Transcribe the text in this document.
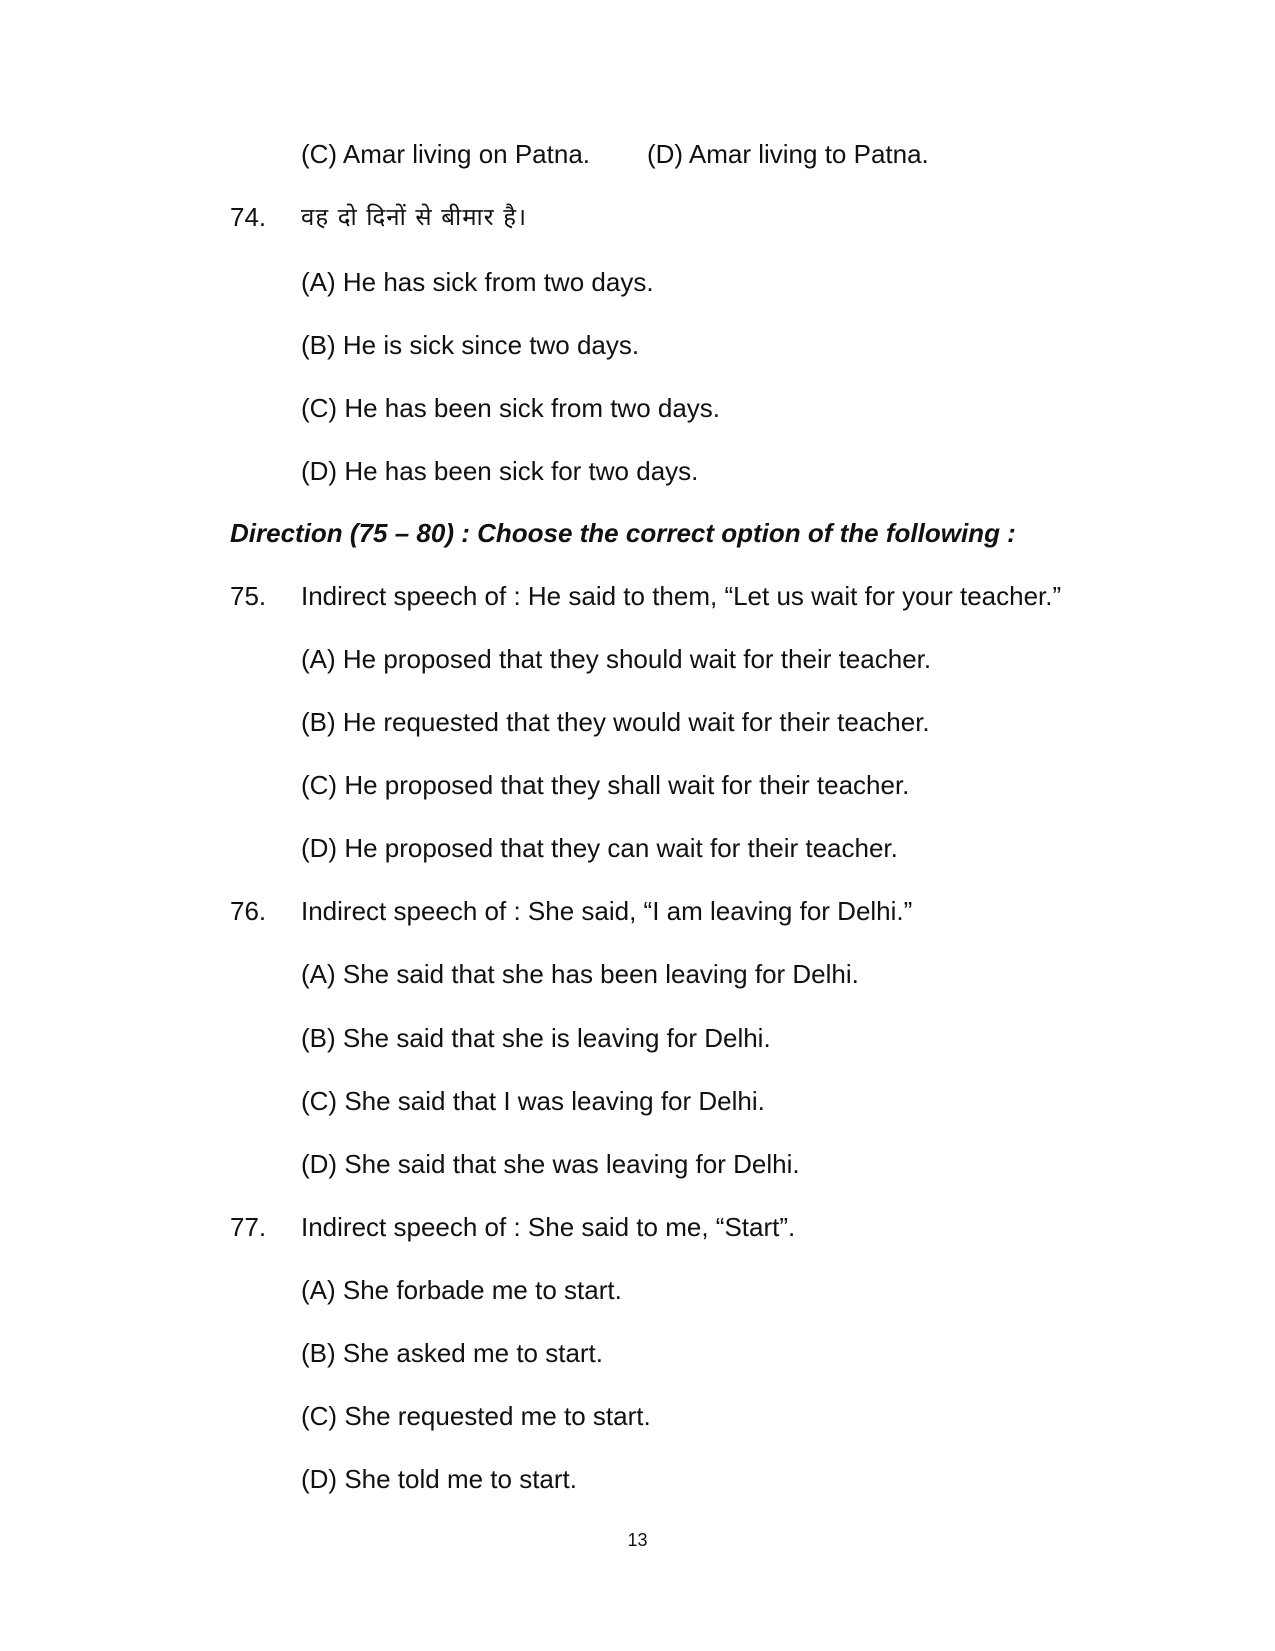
(C) Amar living on Patna. (D) Amar living to Patna.
74. वह दो दिनों से बीमार है।
(A) He has sick from two days.
(B) He is sick since two days.
(C) He has been sick from two days.
(D) He has been sick for two days.
Direction (75 – 80) : Choose the correct option of the following :
75. Indirect speech of : He said to them, “Let us wait for your teacher.”
(A) He proposed that they should wait for their teacher.
(B) He requested that they would wait for their teacher.
(C) He proposed that they shall wait for their teacher.
(D) He proposed that they can wait for their teacher.
76. Indirect speech of : She said, “I am leaving for Delhi.”
(A) She said that she has been leaving for Delhi.
(B) She said that she is leaving for Delhi.
(C) She said that I was leaving for Delhi.
(D) She said that she was leaving for Delhi.
77. Indirect speech of : She said to me, “Start”.
(A) She forbade me to start.
(B) She asked me to start.
(C) She requested me to start.
(D) She told me to start.
13
